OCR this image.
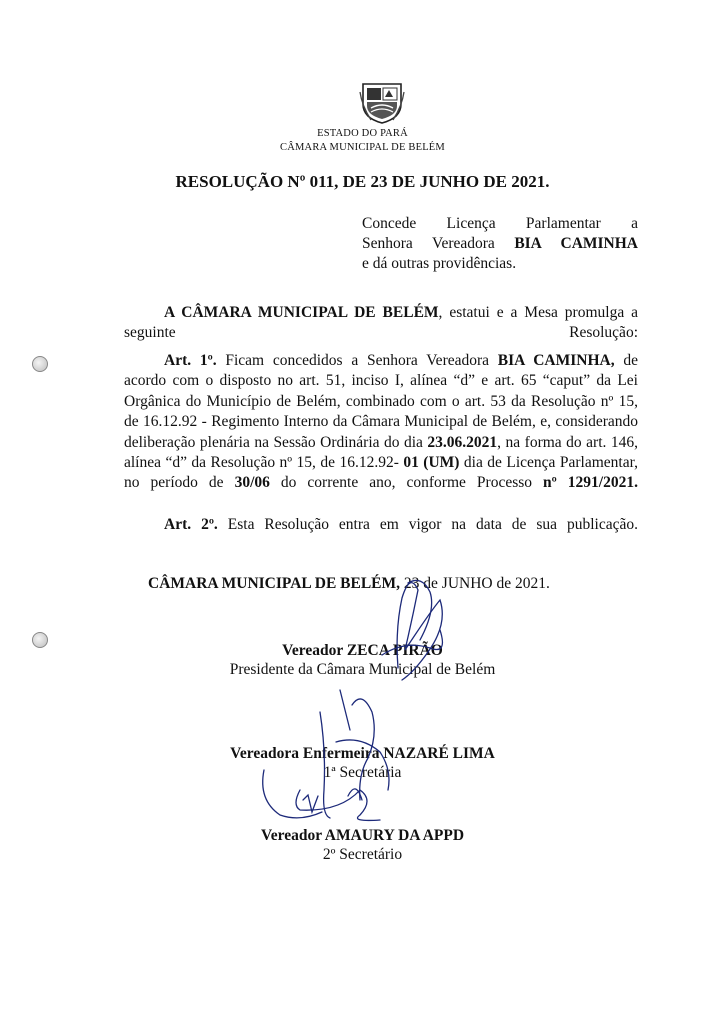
ESTADO DO PARÁ
CÂMARA MUNICIPAL DE BELÉM
RESOLUÇÃO Nº 011, DE 23 DE JUNHO DE 2021.
Concede Licença Parlamentar a
Senhora Vereadora BIA CAMINHA
e dá outras providências.
A CÂMARA MUNICIPAL DE BELÉM, estatui e a Mesa promulga a seguinte Resolução:
Art. 1º. Ficam concedidos a Senhora Vereadora BIA CAMINHA, de acordo com o disposto no art. 51, inciso I, alínea “d” e art. 65 “caput” da Lei Orgânica do Município de Belém, combinado com o art. 53 da Resolução nº 15, de 16.12.92 - Regimento Interno da Câmara Municipal de Belém, e, considerando deliberação plenária na Sessão Ordinária do dia 23.06.2021, na forma do art. 146, alínea “d” da Resolução nº 15, de 16.12.92- 01 (UM) dia de Licença Parlamentar, no período de 30/06 do corrente ano, conforme Processo nº 1291/2021.
Art. 2º. Esta Resolução entra em vigor na data de sua publicação.
CÂMARA MUNICIPAL DE BELÉM, 23 de JUNHO de 2021.
Vereador ZECA PIRÃO
Presidente da Câmara Municipal de Belém
Vereadora Enfermeira NAZARÉ LIMA
1ª Secretária
Vereador AMAURY DA APPD
2º Secretário
